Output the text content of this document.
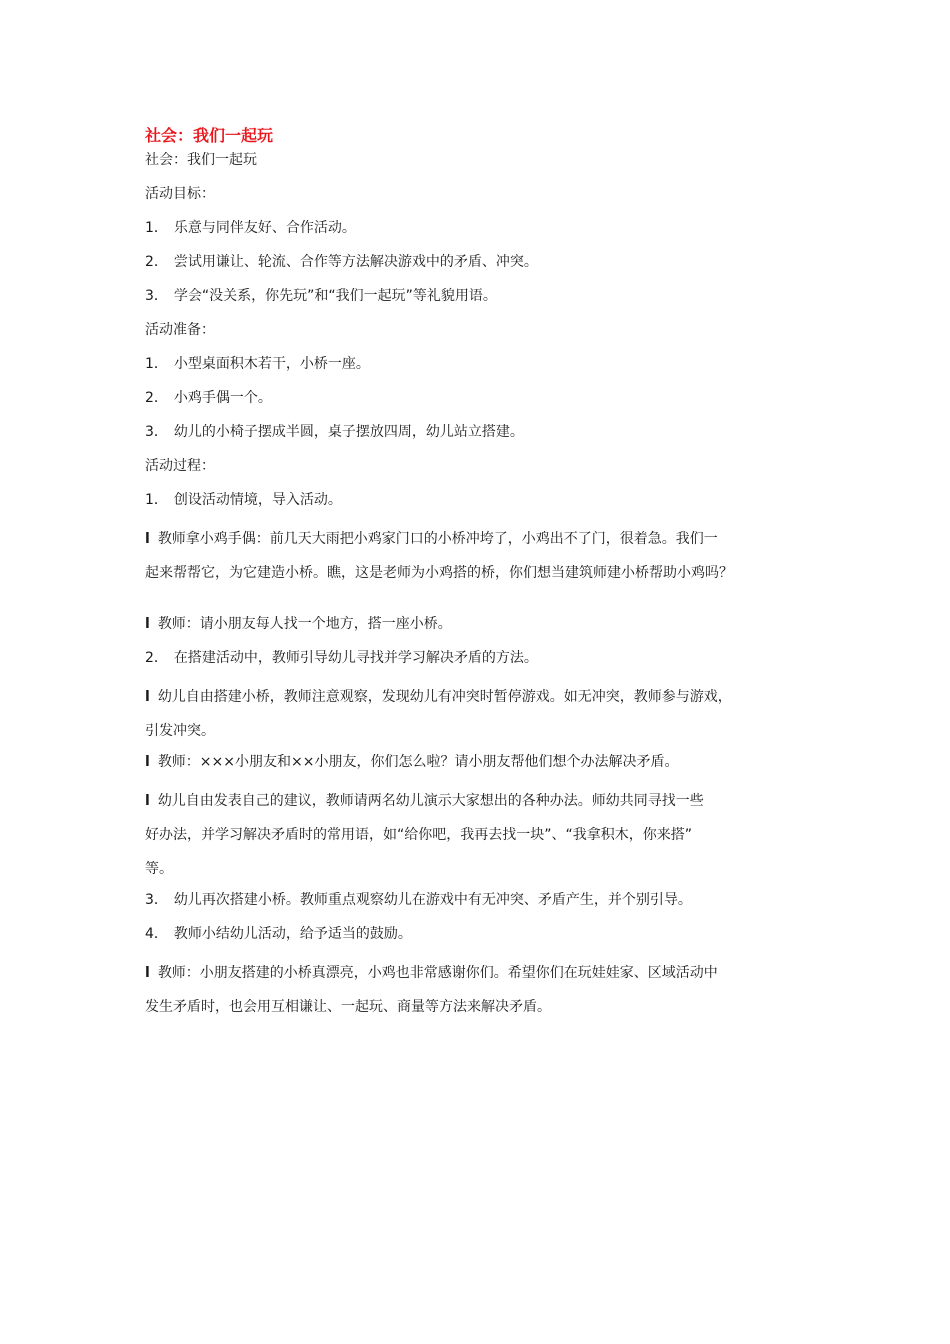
社会：我们一起玩

社会：我们一起玩

活动目标：

1． 乐意与同伴友好、合作活动。

2． 尝试用谦让、轮流、合作等方法解决游戏中的矛盾、冲突。

3． 学会“没关系，你先玩”和“我们一起玩”等礼貌用语。

活动准备：

1． 小型桌面积木若干，小桥一座。

2． 小鸡手偶一个。

3． 幼儿的小椅子摆成半圆，桌子摆放四周，幼儿站立搭建。

活动过程：

1． 创设活动情境，导入活动。

l 教师拿小鸡手偶：前几天大雨把小鸡家门口的小桥冲垮了，小鸡出不了门，很着急。我们一
起来帮帮它，为它建造小桥。瞧，这是老师为小鸡搭的桥，你们想当建筑师建小桥帮助小鸡吗？

l 教师：请小朋友每人找一个地方，搭一座小桥。

2． 在搭建活动中，教师引导幼儿寻找并学习解决矛盾的方法。

l 幼儿自由搭建小桥，教师注意观察，发现幼儿有冲突时暂停游戏。如无冲突，教师参与游戏，
引发冲突。

l 教师：×××小朋友和××小朋友，你们怎么啦？请小朋友帮他们想个办法解决矛盾。

l 幼儿自由发表自己的建议，教师请两名幼儿演示大家想出的各种办法。师幼共同寻找一些
好办法，并学习解决矛盾时的常用语，如“给你吧，我再去找一块”、“我拿积木，你来搭”
等。

3． 幼儿再次搭建小桥。教师重点观察幼儿在游戏中有无冲突、矛盾产生，并个别引导。

4． 教师小结幼儿活动，给予适当的鼓励。

l 教师：小朋友搭建的小桥真漂亮，小鸡也非常感谢你们。希望你们在玩娃娃家、区域活动中
发生矛盾时，也会用互相谦让、一起玩、商量等方法来解决矛盾。
